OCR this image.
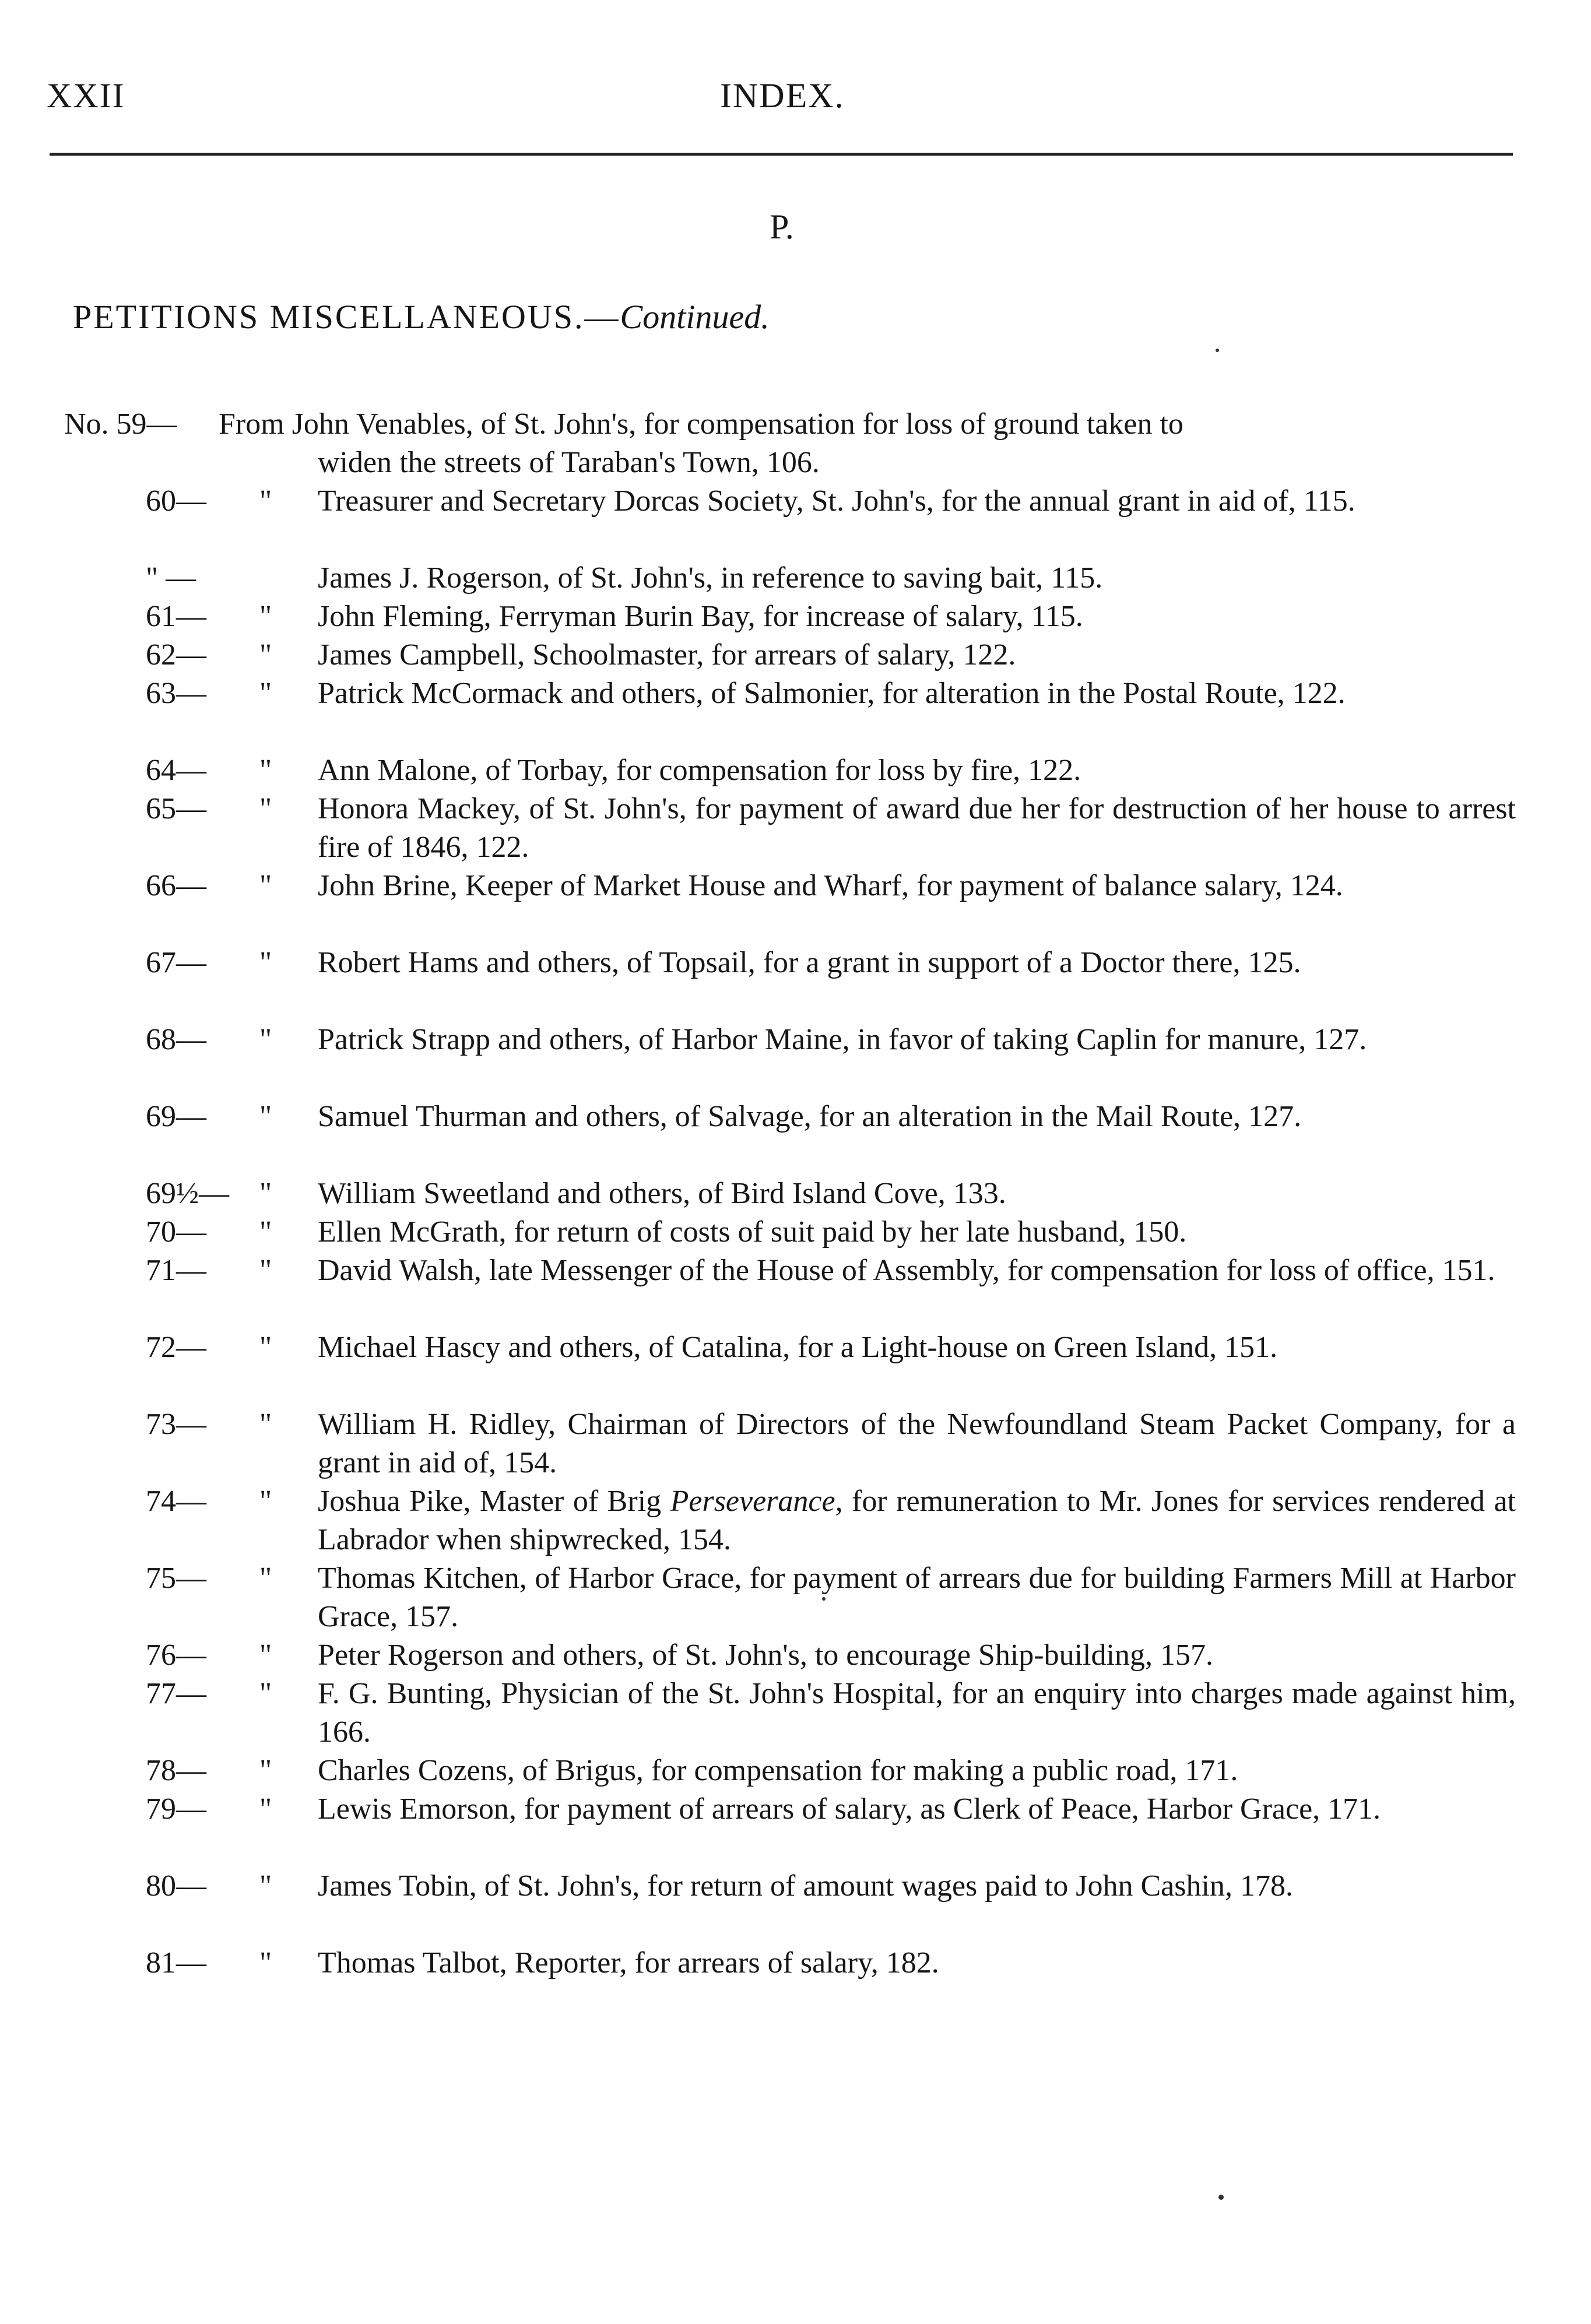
XXII	INDEX.
P.
PETITIONS MISCELLANEOUS.—Continued.
No. 59— From John Venables, of St. John's, for compensation for loss of ground taken to
widen the streets of Taraban's Town, 106.
60—	" Treasurer and Secretary Dorcas Society, St. John's, for the annual grant in aid of, 115.
" —	James J. Rogerson, of St. John's, in reference to saving bait, 115.
61—	" John Fleming, Ferryman Burin Bay, for increase of salary, 115.
62—	" James Campbell, Schoolmaster, for arrears of salary, 122.
63—	" Patrick McCormack and others, of Salmonier, for alteration in the Postal Route, 122.
64—	" Ann Malone, of Torbay, for compensation for loss by fire, 122.
65—	" Honora Mackey, of St. John's, for payment of award due her for destruction of her house to arrest fire of 1846, 122.
66—	" John Brine, Keeper of Market House and Wharf, for payment of balance salary, 124.
67—	" Robert Hams and others, of Topsail, for a grant in support of a Doctor there, 125.
68—	" Patrick Strapp and others, of Harbor Maine, in favor of taking Caplin for manure, 127.
69—	" Samuel Thurman and others, of Salvage, for an alteration in the Mail Route, 127.
69½—	" William Sweetland and others, of Bird Island Cove, 133.
70—	" Ellen McGrath, for return of costs of suit paid by her late husband, 150.
71—	" David Walsh, late Messenger of the House of Assembly, for compensation for loss of office, 151.
72—	" Michael Hascy and others, of Catalina, for a Light-house on Green Island, 151.
73—	" William H. Ridley, Chairman of Directors of the Newfoundland Steam Packet Company, for a grant in aid of, 154.
74—	" Joshua Pike, Master of Brig Perseverance, for remuneration to Mr. Jones for services rendered at Labrador when shipwrecked, 154.
75—	" Thomas Kitchen, of Harbor Grace, for payment of arrears due for building Farmers Mill at Harbor Grace, 157.
76—	" Peter Rogerson and others, of St. John's, to encourage Ship-building, 157.
77—	" F. G. Bunting, Physician of the St. John's Hospital, for an enquiry into charges made against him, 166.
78—	" Charles Cozens, of Brigus, for compensation for making a public road, 171.
79—	" Lewis Emorson, for payment of arrears of salary, as Clerk of Peace, Harbor Grace, 171.
80—	" James Tobin, of St. John's, for return of amount wages paid to John Cashin, 178.
81—	" Thomas Talbot, Reporter, for arrears of salary, 182.
